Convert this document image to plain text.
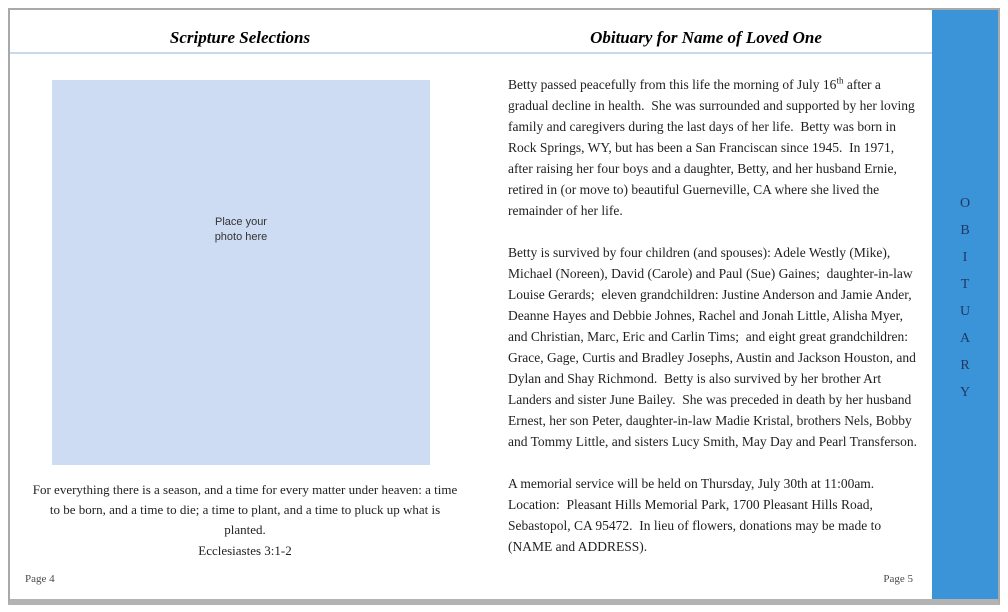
Scripture Selections	Obituary for Name of Loved One
Place your photo here
For everything there is a season, and a time for every matter under heaven: a time to be born, and a time to die; a time to plant, and a time to pluck up what is planted.
Ecclesiastes 3:1-2

Betty passed peacefully from this life the morning of July 16th after a gradual decline in health.  She was surrounded and supported by her loving family and caregivers during the last days of her life.  Betty was born in Rock Springs, WY, but has been a San Franciscan since 1945.  In 1971, after raising her four boys and a daughter, Betty, and her husband Ernie, retired in (or move to) beautiful Guerneville, CA where she lived the remainder of her life.

Betty is survived by four children (and spouses): Adele Westly (Mike), Michael (Noreen), David (Carole) and Paul (Sue) Gaines;  daughter-in-law Louise Gerards;  eleven grandchildren: Justine Anderson and Jamie Ander, Deanne Hayes and Debbie Johnes, Rachel and Jonah Little, Alisha Myer, and Christian, Marc, Eric and Carlin Tims;  and eight great grandchildren: Grace, Gage, Curtis and Bradley Josephs, Austin and Jackson Houston, and Dylan and Shay Richmond.  Betty is also survived by her brother Art Landers and sister June Bailey.  She was preceded in death by her husband Ernest, her son Peter, daughter-in-law Madie Kristal, brothers Nels, Bobby and Tommy Little, and sisters Lucy Smith, May Day and Pearl Transferson.

A memorial service will be held on Thursday, July 30th at 11:00am.  Location:  Pleasant Hills Memorial Park, 1700 Pleasant Hills Road, Sebastopol, CA 95472.  In lieu of flowers, donations may be made to (NAME and ADDRESS).

O
B
I
T
U
A
R
Y
Page 4	Page 5
